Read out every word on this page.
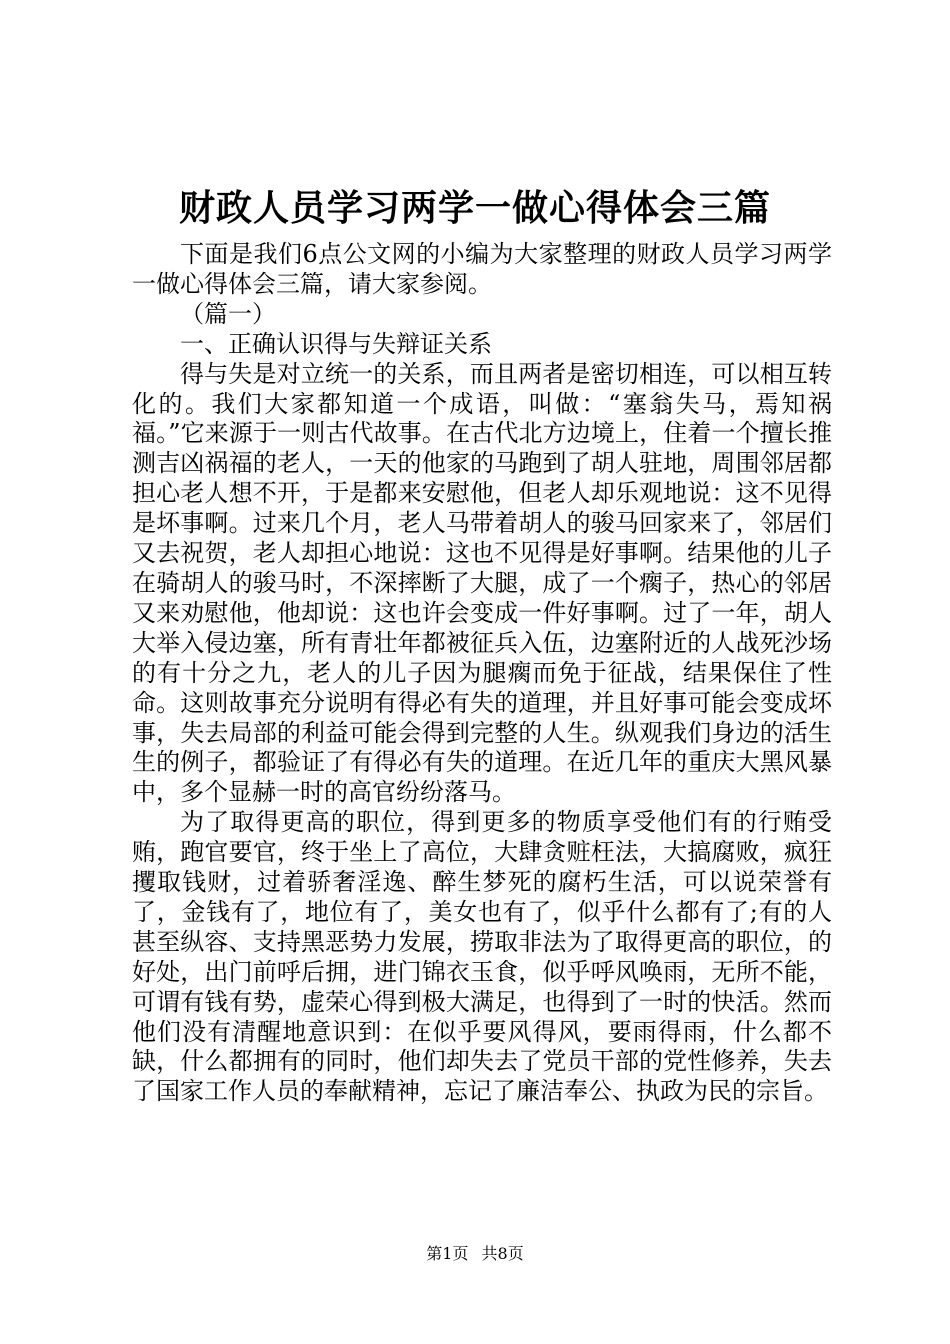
财政人员学习两学一做心得体会三篇

下面是我们6点公文网的小编为大家整理的财政人员学习两学一做心得体会三篇，请大家参阅。

（篇一）

一、正确认识得与失辩证关系

得与失是对立统一的关系，而且两者是密切相连，可以相互转化的。我们大家都知道一个成语，叫做：“塞翁失马，焉知祸福。”它来源于一则古代故事。在古代北方边境上，住着一个擅长推测吉凶祸福的老人，一天的他家的马跑到了胡人驻地，周围邻居都担心老人想不开，于是都来安慰他，但老人却乐观地说：这不见得是坏事啊。过来几个月，老人马带着胡人的骏马回家来了，邻居们又去祝贺，老人却担心地说：这也不见得是好事啊。结果他的儿子在骑胡人的骏马时，不深摔断了大腿，成了一个瘸子，热心的邻居又来劝慰他，他却说：这也许会变成一件好事啊。过了一年，胡人大举入侵边塞，所有青壮年都被征兵入伍，边塞附近的人战死沙场的有十分之九，老人的儿子因为腿瘸而免于征战，结果保住了性命。这则故事充分说明有得必有失的道理，并且好事可能会变成坏事，失去局部的利益可能会得到完整的人生。纵观我们身边的活生生的例子，都验证了有得必有失的道理。在近几年的重庆大黑风暴中，多个显赫一时的高官纷纷落马。

为了取得更高的职位，得到更多的物质享受他们有的行贿受贿，跑官要官，终于坐上了高位，大肆贪赃枉法，大搞腐败，疯狂攫取钱财，过着骄奢淫逸、醉生梦死的腐朽生活，可以说荣誉有了，金钱有了，地位有了，美女也有了，似乎什么都有了;有的人甚至纵容、支持黑恶势力发展，捞取非法为了取得更高的职位，的好处，出门前呼后拥，进门锦衣玉食，似乎呼风唤雨，无所不能，可谓有钱有势，虚荣心得到极大满足，也得到了一时的快活。然而他们没有清醒地意识到：在似乎要风得风，要雨得雨，什么都不缺，什么都拥有的同时，他们却失去了党员干部的党性修养，失去了国家工作人员的奉献精神，忘记了廉洁奉公、执政为民的宗旨。

第1页 共8页
